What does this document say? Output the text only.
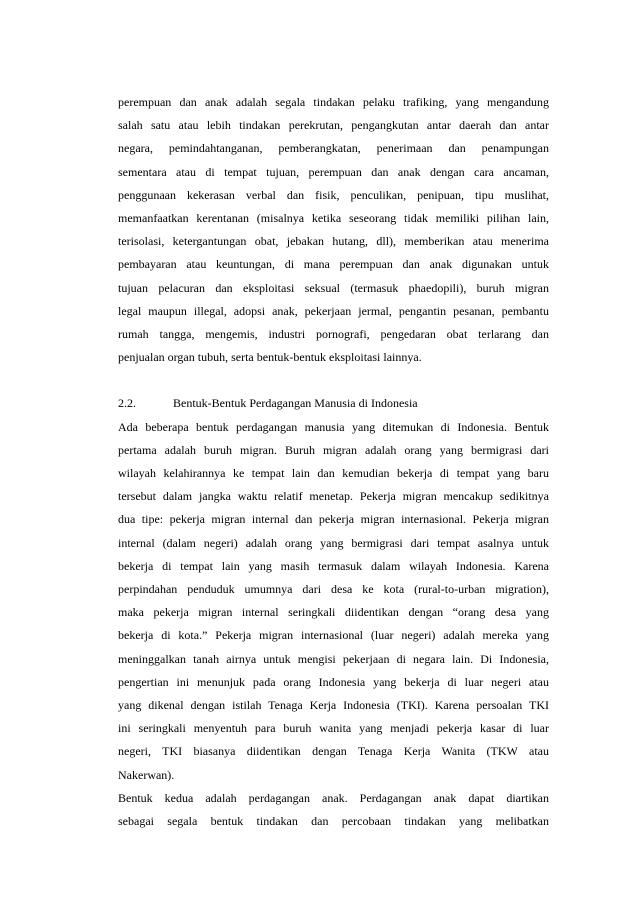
perempuan dan anak adalah segala tindakan pelaku trafiking, yang mengandung
salah satu atau lebih tindakan perekrutan, pengangkutan antar daerah dan antar
negara, pemindahtanganan, pemberangkatan, penerimaan dan penampungan
sementara atau di tempat tujuan, perempuan dan anak dengan cara ancaman,
penggunaan kekerasan verbal dan fisik, penculikan, penipuan, tipu muslihat,
memanfaatkan kerentanan (misalnya ketika seseorang tidak memiliki pilihan lain,
terisolasi, ketergantungan obat, jebakan hutang, dll), memberikan atau menerima
pembayaran atau keuntungan, di mana perempuan dan anak digunakan untuk
tujuan pelacuran dan eksploitasi seksual (termasuk phaedopili), buruh migran
legal maupun illegal, adopsi anak, pekerjaan jermal, pengantin pesanan, pembantu
rumah tangga, mengemis, industri pornografi, pengedaran obat terlarang dan
penjualan organ tubuh, serta bentuk-bentuk eksploitasi lainnya.
2.2.	Bentuk-Bentuk Perdagangan Manusia di Indonesia
Ada beberapa bentuk perdagangan manusia yang ditemukan di Indonesia. Bentuk
pertama adalah buruh migran. Buruh migran adalah orang yang bermigrasi dari
wilayah kelahirannya ke tempat lain dan kemudian bekerja di tempat yang baru
tersebut dalam jangka waktu relatif menetap. Pekerja migran mencakup sedikitnya
dua tipe: pekerja migran internal dan pekerja migran internasional. Pekerja migran
internal (dalam negeri) adalah orang yang bermigrasi dari tempat asalnya untuk
bekerja di tempat lain yang masih termasuk dalam wilayah Indonesia. Karena
perpindahan penduduk umumnya dari desa ke kota (rural-to-urban migration),
maka pekerja migran internal seringkali diidentikan dengan “orang desa yang
bekerja di kota.” Pekerja migran internasional (luar negeri) adalah mereka yang
meninggalkan tanah airnya untuk mengisi pekerjaan di negara lain. Di Indonesia,
pengertian ini menunjuk pada orang Indonesia yang bekerja di luar negeri atau
yang dikenal dengan istilah Tenaga Kerja Indonesia (TKI). Karena persoalan TKI
ini seringkali menyentuh para buruh wanita yang menjadi pekerja kasar di luar
negeri, TKI biasanya diidentikan dengan Tenaga Kerja Wanita (TKW atau
Nakerwan).
Bentuk kedua adalah perdagangan anak. Perdagangan anak dapat diartikan
sebagai segala bentuk tindakan dan percobaan tindakan yang melibatkan
